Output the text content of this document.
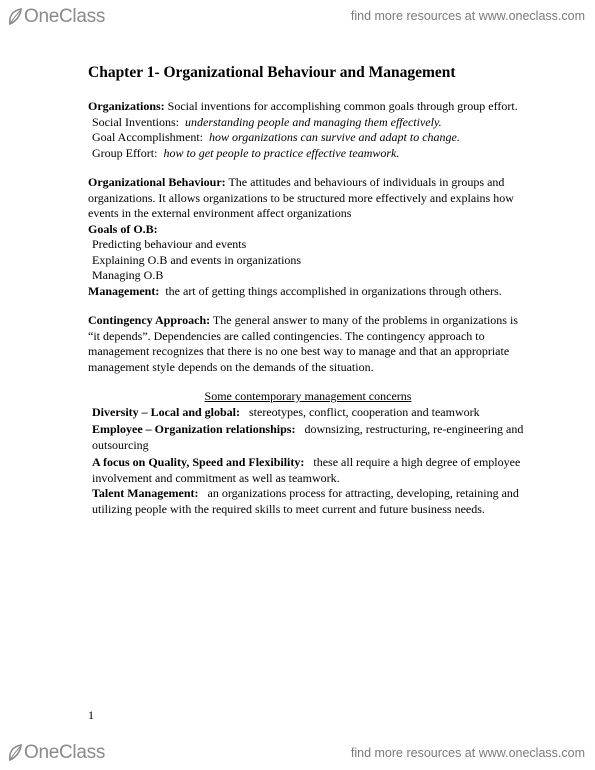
OneClass	find more resources at www.oneclass.com
Chapter 1- Organizational Behaviour and Management
Organizations: Social inventions for accomplishing common goals through group effort.
Social Inventions: understanding people and managing them effectively.
Goal Accomplishment: how organizations can survive and adapt to change.
Group Effort: how to get people to practice effective teamwork.
Organizational Behaviour: The attitudes and behaviours of individuals in groups and organizations. It allows organizations to be structured more effectively and explains how events in the external environment affect organizations
Goals of O.B:
Predicting behaviour and events
Explaining O.B and events in organizations
Managing O.B
Management:  the art of getting things accomplished in organizations through others.
Contingency Approach: The general answer to many of the problems in organizations is “it depends”. Dependencies are called contingencies. The contingency approach to management recognizes that there is no one best way to manage and that an appropriate management style depends on the demands of the situation.
Some contemporary management concerns
Diversity – Local and global:   stereotypes, conflict, cooperation and teamwork
Employee – Organization relationships:   downsizing, restructuring, re-engineering and outsourcing
A focus on Quality, Speed and Flexibility:   these all require a high degree of employee involvement and commitment as well as teamwork.
Talent Management:   an organizations process for attracting, developing, retaining and utilizing people with the required skills to meet current and future business needs.
1
OneClass	find more resources at www.oneclass.com
